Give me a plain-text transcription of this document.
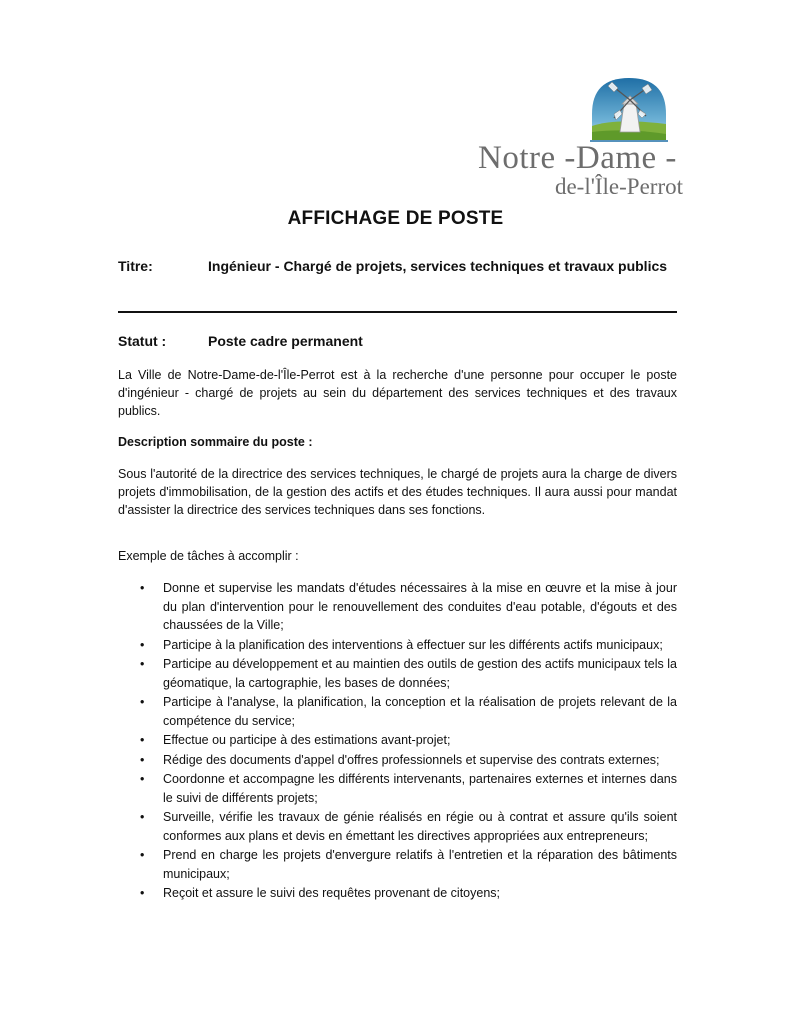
Notre -Dame -
de-l'Île-Perrot
AFFICHAGE DE POSTE
Titre:	Ingénieur - Chargé de projets, services techniques et travaux publics
Statut :	Poste cadre permanent
La Ville de Notre-Dame-de-l'Île-Perrot est à la recherche d'une personne pour occuper le poste d'ingénieur - chargé de projets au sein du département des services techniques et des travaux publics.
Description sommaire du poste :
Sous l'autorité de la directrice des services techniques, le chargé de projets aura la charge de divers projets d'immobilisation, de la gestion des actifs et des études techniques. Il aura aussi pour mandat d'assister la directrice des services techniques dans ses fonctions.
Exemple de tâches à accomplir :
• Donne et supervise les mandats d'études nécessaires à la mise en œuvre et la mise à jour du plan d'intervention pour le renouvellement des conduites d'eau potable, d'égouts et des chaussées de la Ville;
• Participe à la planification des interventions à effectuer sur les différents actifs municipaux;
• Participe au développement et au maintien des outils de gestion des actifs municipaux tels la géomatique, la cartographie, les bases de données;
• Participe à l'analyse, la planification, la conception et la réalisation de projets relevant de la compétence du service;
• Effectue ou participe à des estimations avant-projet;
• Rédige des documents d'appel d'offres professionnels et supervise des contrats externes;
• Coordonne et accompagne les différents intervenants, partenaires externes et internes dans le suivi de différents projets;
• Surveille, vérifie les travaux de génie réalisés en régie ou à contrat et assure qu'ils soient conformes aux plans et devis en émettant les directives appropriées aux entrepreneurs;
• Prend en charge les projets d'envergure relatifs à l'entretien et la réparation des bâtiments municipaux;
• Reçoit et assure le suivi des requêtes provenant de citoyens;
